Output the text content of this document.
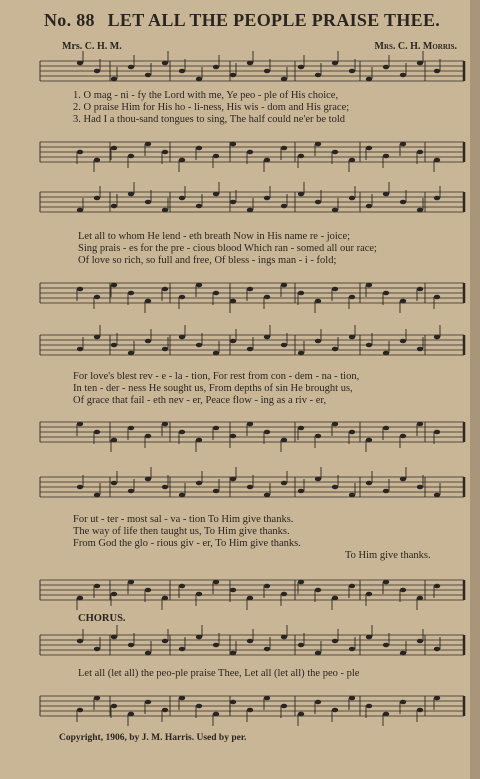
No. 88 LET ALL THE PEOPLE PRAISE THEE.
Mrs. C. H. M.	Mrs. C. H. Morris.
1. O mag - ni - fy the Lord with me, Ye peo - ple of His choice,
2. O praise Him for His ho - li-ness, His wis - dom and His grace;
3. Had I a thou-sand tongues to sing, The half could ne'er be told
Let all to whom He lend - eth breath Now in His name re - joice;
Sing prais - es for the pre - cious blood Which ran - somed all our race;
Of love so rich, so full and free, Of bless - ings man - i - fold;
For love's blest rev - e - la - tion, For rest from con - dem - na - tion,
In ten - der - ness He sought us, From depths of sin He brought us,
Of grace that fail - eth nev - er, Peace flow - ing as a riv - er,
For ut - ter - most sal - va - tion To Him give thanks.
The way of life then taught us, To Him give thanks.
From God the glo - rious giv - er, To Him give thanks.
To Him give thanks.
CHORUS.
Let all (let all) the peo-ple praise Thee, Let all (let all) the peo - ple
Copyright, 1906, by J. M. Harris. Used by per.
